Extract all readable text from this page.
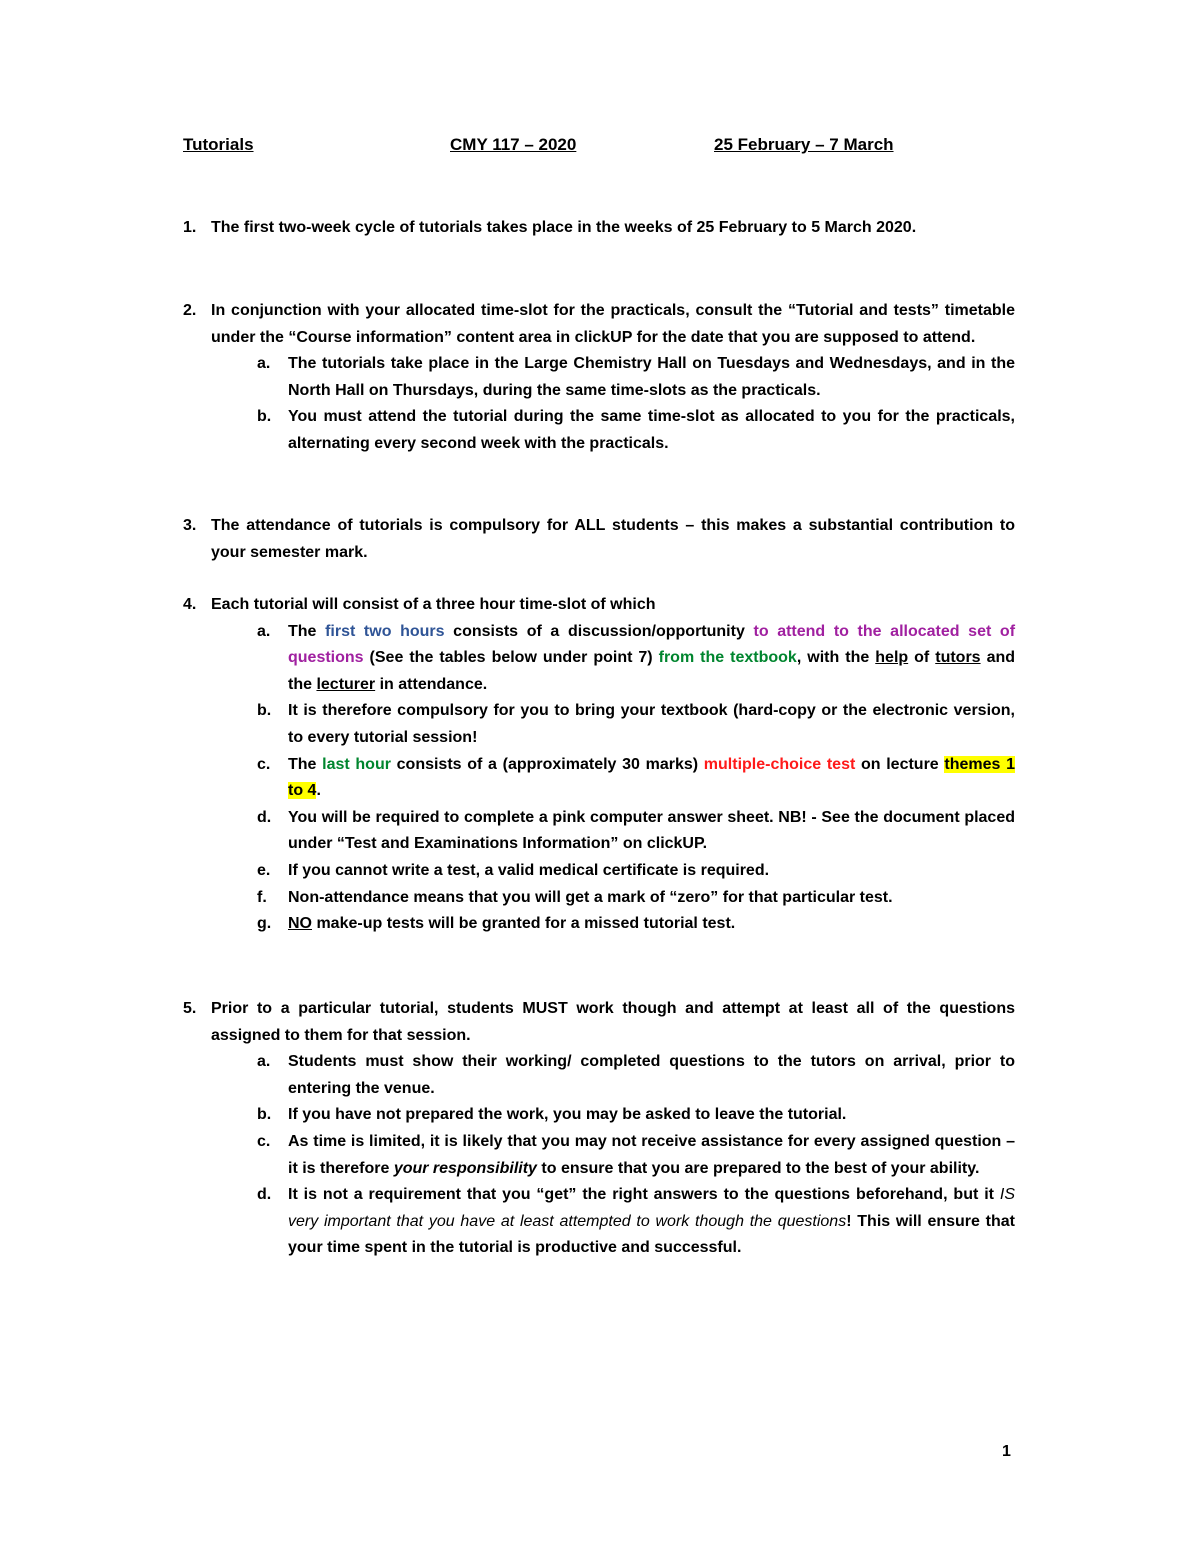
Tutorials	CMY 117 – 2020	25 February – 7 March
1. The first two-week cycle of tutorials takes place in the weeks of 25 February to 5 March 2020.
2. In conjunction with your allocated time-slot for the practicals, consult the “Tutorial and tests” timetable under the “Course information” content area in clickUP for the date that you are supposed to attend.
a. The tutorials take place in the Large Chemistry Hall on Tuesdays and Wednesdays, and in the North Hall on Thursdays, during the same time-slots as the practicals.
b. You must attend the tutorial during the same time-slot as allocated to you for the practicals, alternating every second week with the practicals.
3. The attendance of tutorials is compulsory for ALL students – this makes a substantial contribution to your semester mark.
4. Each tutorial will consist of a three hour time-slot of which
a. The first two hours consists of a discussion/opportunity to attend to the allocated set of questions (See the tables below under point 7) from the textbook, with the help of tutors and the lecturer in attendance.
b. It is therefore compulsory for you to bring your textbook (hard-copy or the electronic version, to every tutorial session!
c. The last hour consists of a (approximately 30 marks) multiple-choice test on lecture themes 1 to 4.
d. You will be required to complete a pink computer answer sheet. NB! - See the document placed under “Test and Examinations Information” on clickUP.
e. If you cannot write a test, a valid medical certificate is required.
f. Non-attendance means that you will get a mark of “zero” for that particular test.
g. NO make-up tests will be granted for a missed tutorial test.
5. Prior to a particular tutorial, students MUST work though and attempt at least all of the questions assigned to them for that session.
a. Students must show their working/ completed questions to the tutors on arrival, prior to entering the venue.
b. If you have not prepared the work, you may be asked to leave the tutorial.
c. As time is limited, it is likely that you may not receive assistance for every assigned question – it is therefore your responsibility to ensure that you are prepared to the best of your ability.
d. It is not a requirement that you “get” the right answers to the questions beforehand, but it IS very important that you have at least attempted to work though the questions! This will ensure that your time spent in the tutorial is productive and successful.
1
